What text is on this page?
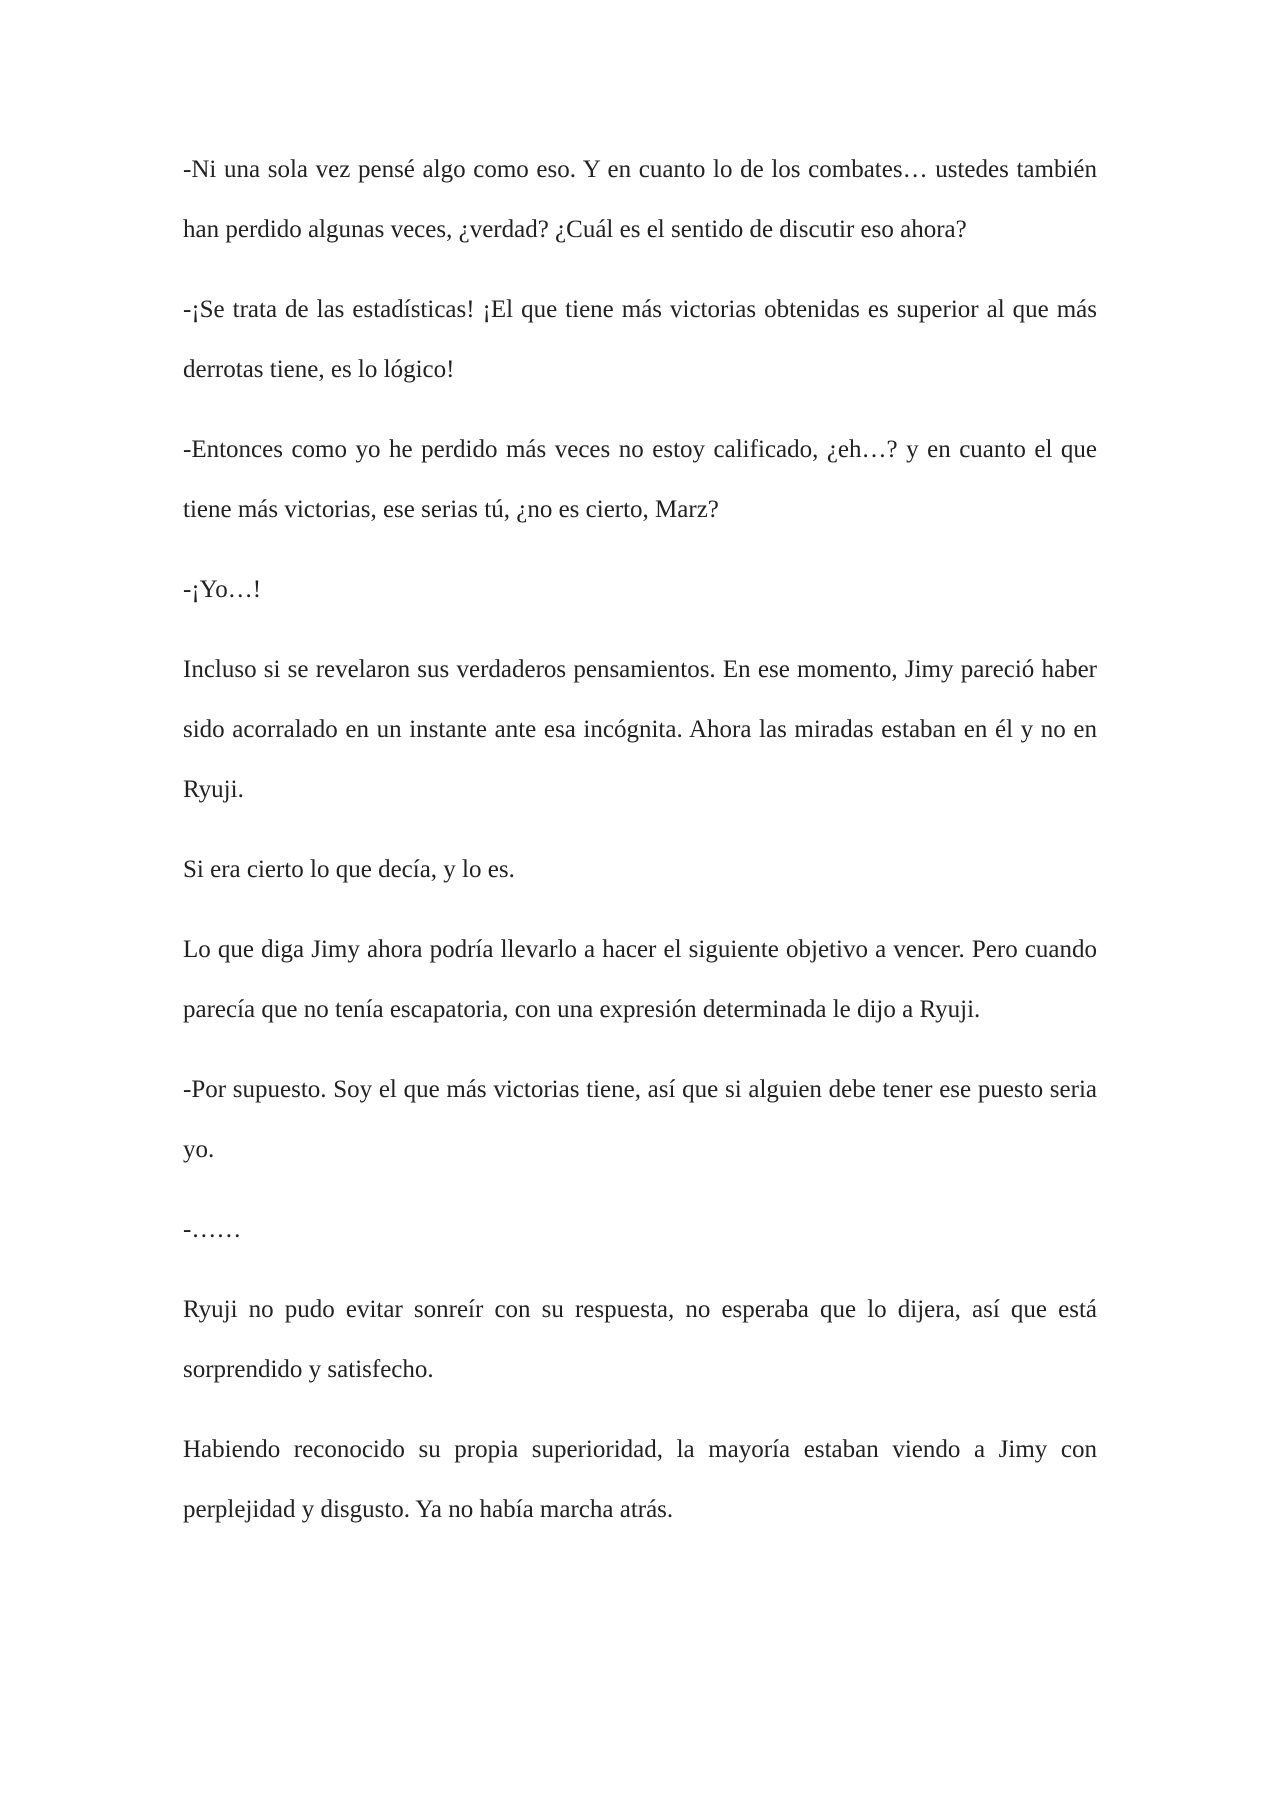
-Ni una sola vez pensé algo como eso. Y en cuanto lo de los combates… ustedes también han perdido algunas veces, ¿verdad? ¿Cuál es el sentido de discutir eso ahora?

-¡Se trata de las estadísticas! ¡El que tiene más victorias obtenidas es superior al que más derrotas tiene, es lo lógico!

-Entonces como yo he perdido más veces no estoy calificado, ¿eh…? y en cuanto el que tiene más victorias, ese serias tú, ¿no es cierto, Marz?

-¡Yo…!

Incluso si se revelaron sus verdaderos pensamientos. En ese momento, Jimy pareció haber sido acorralado en un instante ante esa incógnita. Ahora las miradas estaban en él y no en Ryuji.

Si era cierto lo que decía, y lo es.

Lo que diga Jimy ahora podría llevarlo a hacer el siguiente objetivo a vencer. Pero cuando parecía que no tenía escapatoria, con una expresión determinada le dijo a Ryuji.

-Por supuesto. Soy el que más victorias tiene, así que si alguien debe tener ese puesto seria yo.

-……

Ryuji no pudo evitar sonreír con su respuesta, no esperaba que lo dijera, así que está sorprendido y satisfecho.

Habiendo reconocido su propia superioridad, la mayoría estaban viendo a Jimy con perplejidad y disgusto. Ya no había marcha atrás.
